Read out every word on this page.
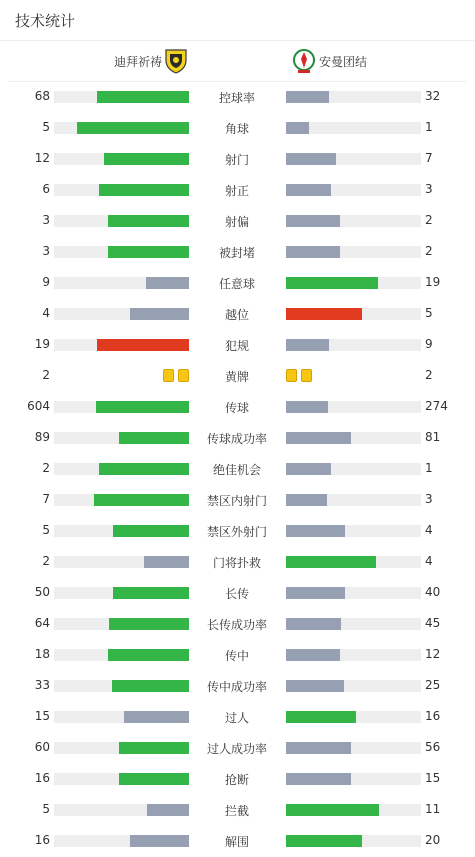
技术统计
迪拜祈祷	安曼团结
68	控球率	32
5	角球	1
12	射门	7
6	射正	3
3	射偏	2
3	被封堵	2
9	任意球	19
4	越位	5
19	犯规	9
2	黄牌	2
604	传球	274
89	传球成功率	81
2	绝佳机会	1
7	禁区内射门	3
5	禁区外射门	4
2	门将扑救	4
50	长传	40
64	长传成功率	45
18	传中	12
33	传中成功率	25
15	过人	16
60	过人成功率	56
16	抢断	15
5	拦截	11
16	解围	20
